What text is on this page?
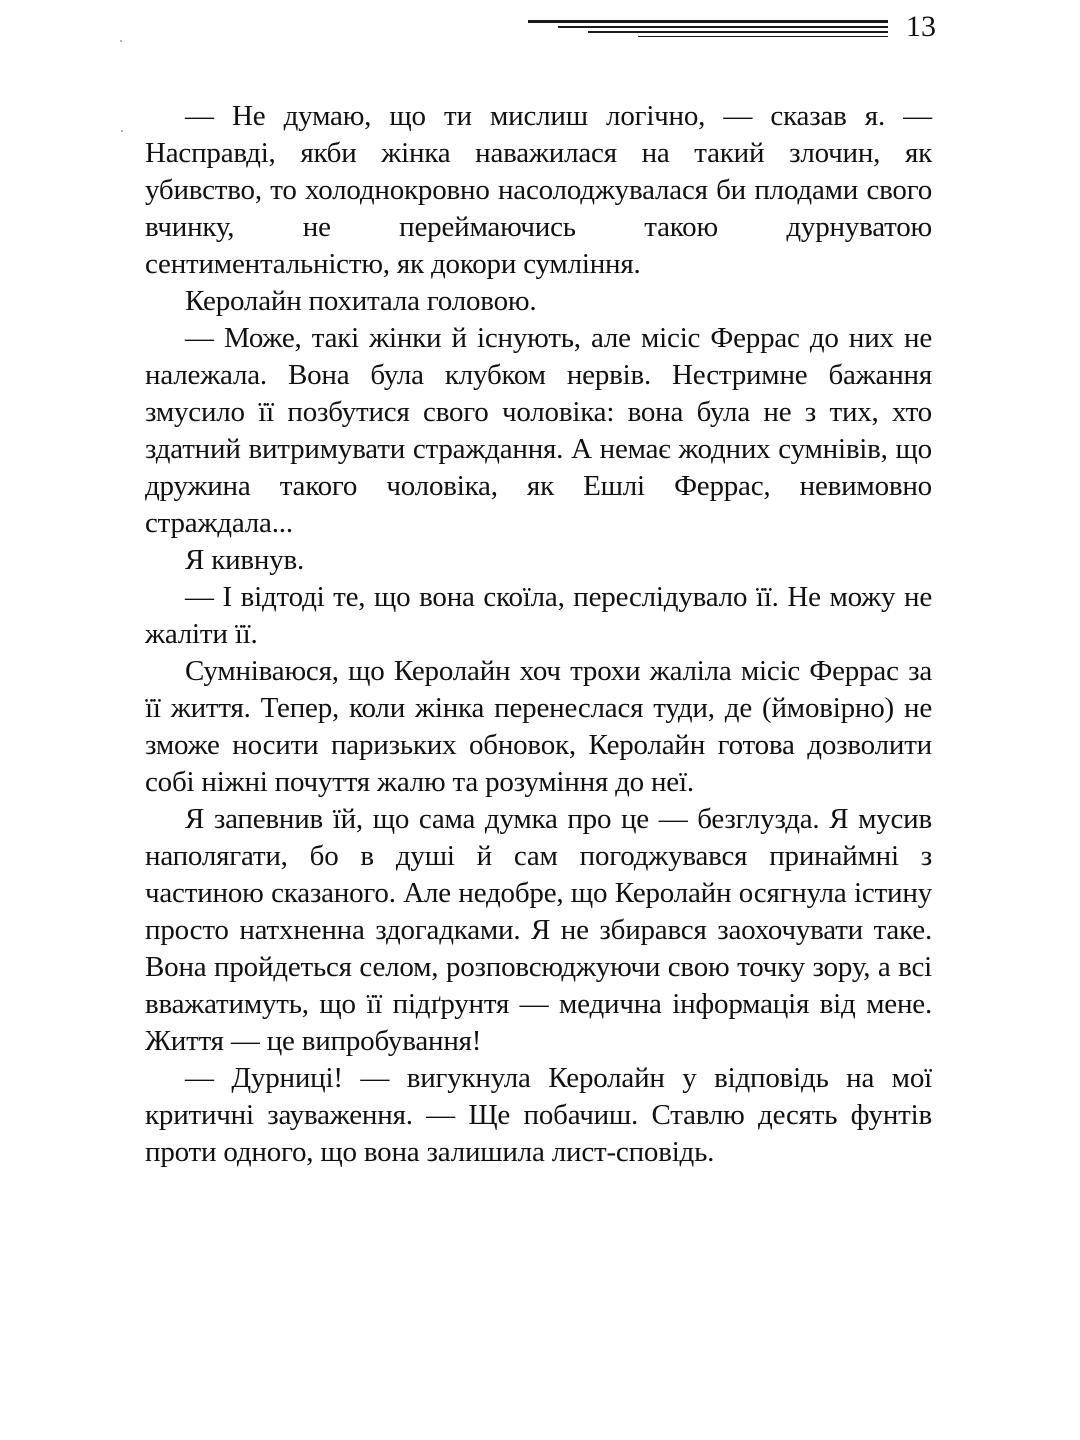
13

— Не думаю, що ти мислиш логічно, — сказав я. — Насправді, якби жінка наважилася на такий злочин, як убивство, то холоднокровно насолоджувалася би плодами свого вчинку, не переймаючись такою дурнуватою сентиментальністю, як докори сумління.

Керолайн похитала головою.

— Може, такі жінки й існують, але місіс Феррас до них не належала. Вона була клубком нервів. Нестримне бажання змусило її позбутися свого чоловіка: вона була не з тих, хто здатний витримувати страждання. А немає жодних сумнівів, що дружина такого чоловіка, як Ешлі Феррас, невимовно страждала...

Я кивнув.

— І відтоді те, що вона скоїла, переслідувало її. Не можу не жаліти її.

Сумніваюся, що Керолайн хоч трохи жаліла місіс Феррас за її життя. Тепер, коли жінка перенеслася туди, де (ймовірно) не зможе носити паризьких обновок, Керолайн готова дозволити собі ніжні почуття жалю та розуміння до неї.

Я запевнив їй, що сама думка про це — безглузда. Я мусив наполягати, бо в душі й сам погоджувався принаймні з частиною сказаного. Але недобре, що Керолайн осягнула істину просто натхненна здогадками. Я не збирався заохочувати таке. Вона пройдеться селом, розповсюджуючи свою точку зору, а всі вважатимуть, що її підґрунтя — медична інформація від мене. Життя — це випробування!

— Дурниці! — вигукнула Керолайн у відповідь на мої критичні зауваження. — Ще побачиш. Ставлю десять фунтів проти одного, що вона залишила лист-сповідь.
